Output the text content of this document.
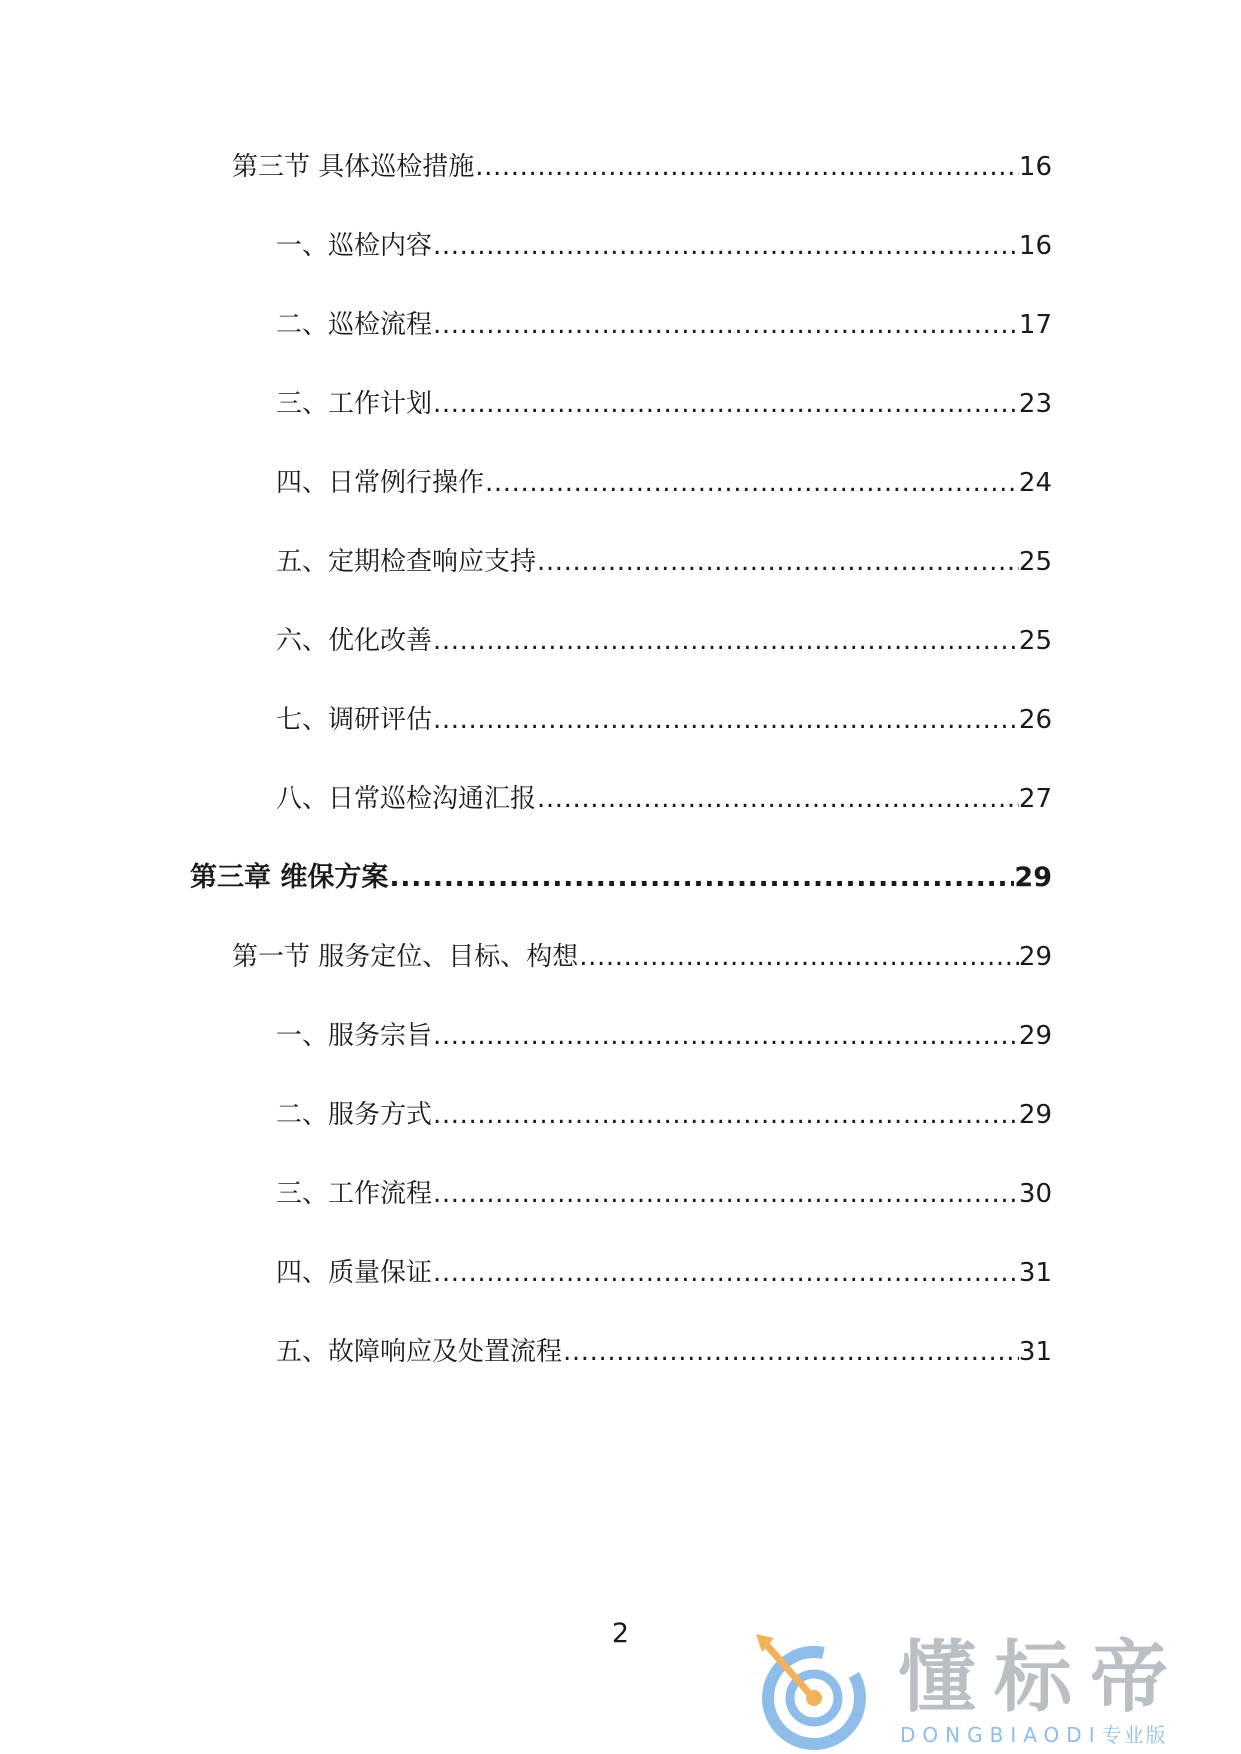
第三节 具体巡检措施 .....	16
一、巡检内容 .....	16
二、巡检流程 .....	17
三、工作计划 .....	23
四、日常例行操作 .....	24
五、定期检查响应支持 .....	25
六、优化改善 .....	25
七、调研评估 .....	26
八、日常巡检沟通汇报 .....	27
第三章 维保方案 .....	29
第一节 服务定位、目标、构想 .....	29
一、服务宗旨 .....	29
二、服务方式 .....	29
三、工作流程 .....	30
四、质量保证 .....	31
五、故障响应及处置流程 .....	31
2	懂标帝
DONGBIAODI专业版
